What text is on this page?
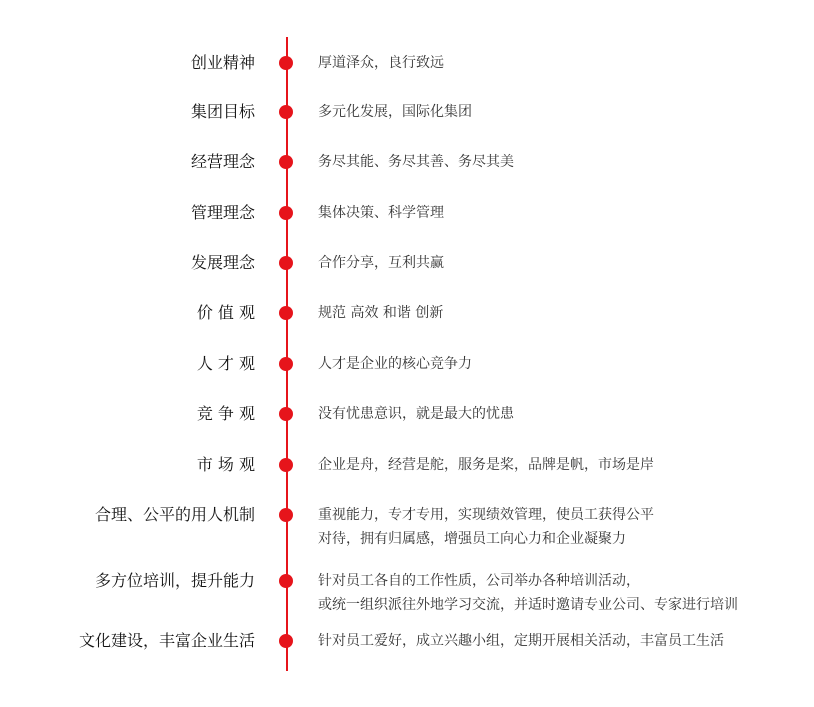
创业精神	厚道泽众，良行致远
集团目标	多元化发展，国际化集团
经营理念	务尽其能、务尽其善、务尽其美
管理理念	集体决策、科学管理
发展理念	合作分享，互利共赢
价 值 观	规范 高效 和谐 创新
人 才 观	人才是企业的核心竞争力
竞 争 观	没有忧患意识，就是最大的忧患
市 场 观	企业是舟，经营是舵，服务是桨，品牌是帆，市场是岸
合理、公平的用人机制	重视能力，专才专用，实现绩效管理，使员工获得公平
对待，拥有归属感，增强员工向心力和企业凝聚力
多方位培训，提升能力	针对员工各自的工作性质，公司举办各种培训活动，
或统一组织派往外地学习交流，并适时邀请专业公司、专家进行培训
文化建设，丰富企业生活	针对员工爱好，成立兴趣小组，定期开展相关活动，丰富员工生活
